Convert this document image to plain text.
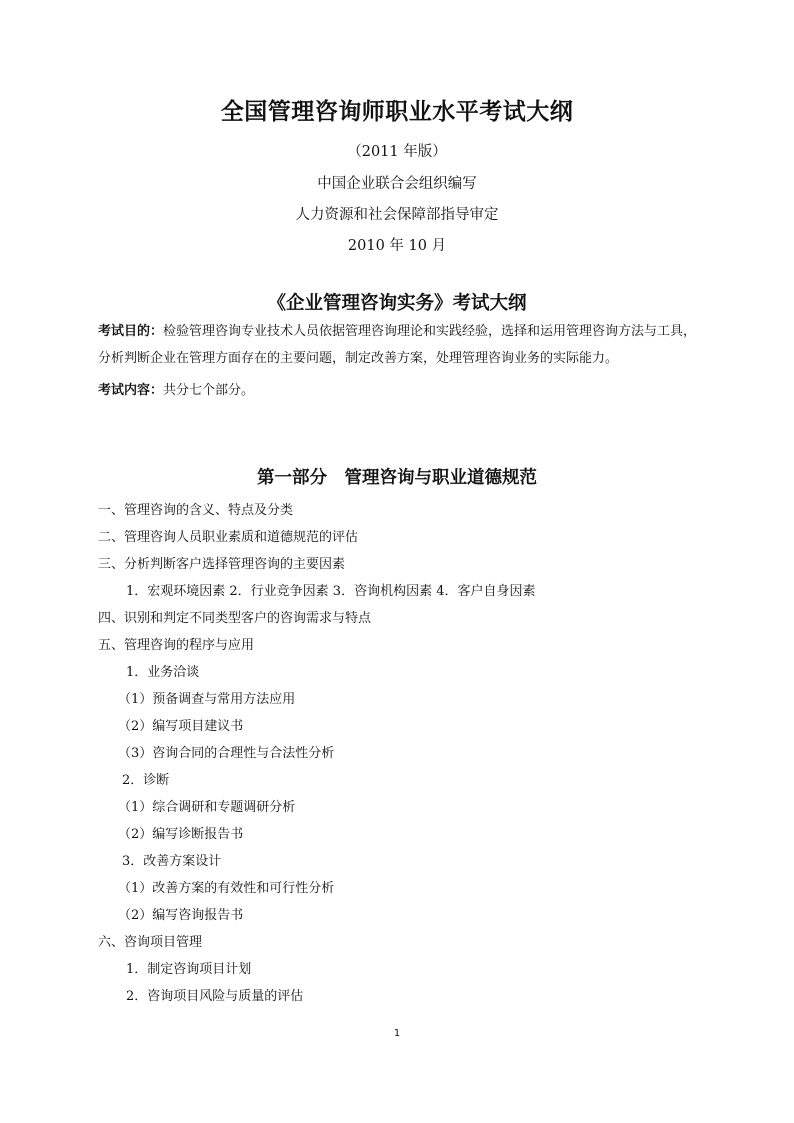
全国管理咨询师职业水平考试大纲
（2011 年版）
中国企业联合会组织编写
人力资源和社会保障部指导审定
2010 年 10 月
《企业管理咨询实务》考试大纲
考试目的：检验管理咨询专业技术人员依据管理咨询理论和实践经验，选择和运用管理咨询方法与工具，分析判断企业在管理方面存在的主要问题，制定改善方案，处理管理咨询业务的实际能力。
考试内容：共分七个部分。
第一部分　管理咨询与职业道德规范
一、管理咨询的含义、特点及分类
二、管理咨询人员职业素质和道德规范的评估
三、分析判断客户选择管理咨询的主要因素
1．宏观环境因素 2．行业竞争因素 3．咨询机构因素 4．客户自身因素
四、识别和判定不同类型客户的咨询需求与特点
五、管理咨询的程序与应用
1．业务洽谈
（1）预备调查与常用方法应用
（2）编写项目建议书
（3）咨询合同的合理性与合法性分析
2．诊断
（1）综合调研和专题调研分析
（2）编写诊断报告书
3．改善方案设计
（1）改善方案的有效性和可行性分析
（2）编写咨询报告书
六、咨询项目管理
1．制定咨询项目计划
2．咨询项目风险与质量的评估
1
